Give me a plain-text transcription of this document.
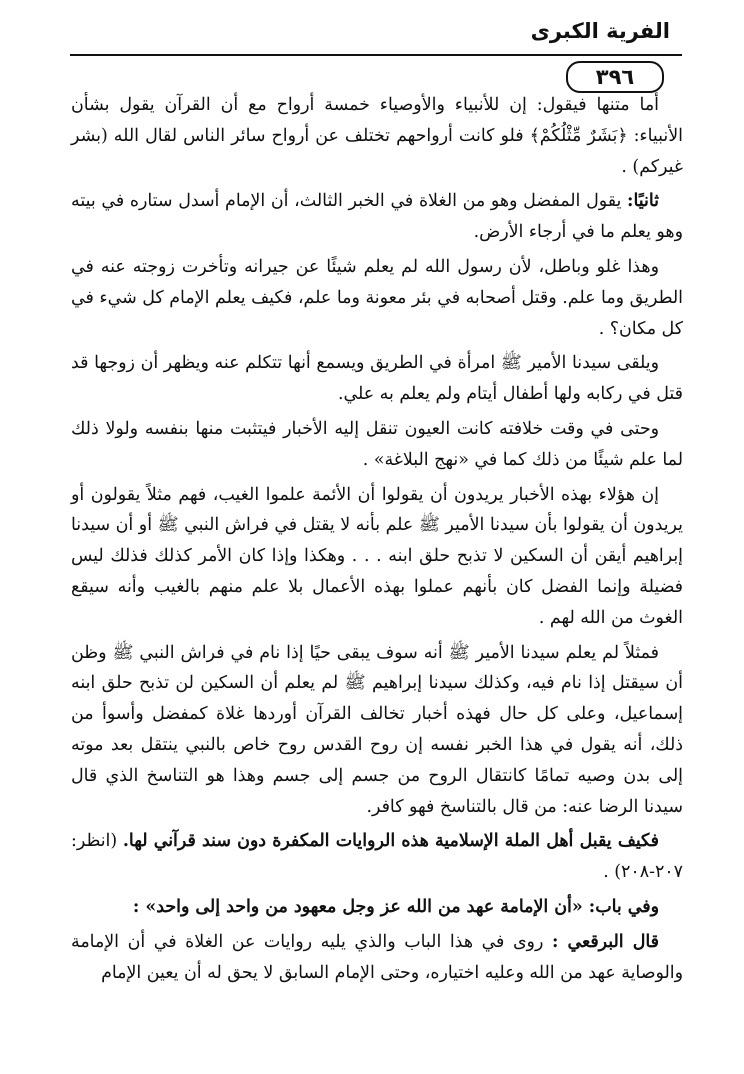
الفرية الكبرى
٣٩٦

أما متنها فيقول: إن للأنبياء والأوصياء خمسة أرواح مع أن القرآن يقول بشأن الأنبياء: ﴿بَشَرٌ مِّثْلُكُمْ﴾ فلو كانت أرواحهم تختلف عن أرواح سائر الناس لقال الله (بشر غيركم) .

ثانيًا: يقول المفضل وهو من الغلاة في الخبر الثالث، أن الإمام أسدل ستاره في بيته وهو يعلم ما في أرجاء الأرض.

وهذا غلو وباطل، لأن رسول الله لم يعلم شيئًا عن جيرانه وتأخرت زوجته عنه في الطريق وما علم. وقتل أصحابه في بئر معونة وما علم، فكيف يعلم الإمام كل شيء في كل مكان؟ .

ويلقى سيدنا الأمير ﷺ امرأة في الطريق ويسمع أنها تتكلم عنه ويظهر أن زوجها قد قتل في ركابه ولها أطفال أيتام ولم يعلم به علي.

وحتى في وقت خلافته كانت العيون تنقل إليه الأخبار فيتثبت منها بنفسه ولولا ذلك لما علم شيئًا من ذلك كما في «نهج البلاغة» .

إن هؤلاء بهذه الأخبار يريدون أن يقولوا أن الأئمة علموا الغيب، فهم مثلاً يقولون أو يريدون أن يقولوا بأن سيدنا الأمير ﷺ علم بأنه لا يقتل في فراش النبي ﷺ أو أن سيدنا إبراهيم أيقن أن السكين لا تذبح حلق ابنه . . . وهكذا وإذا كان الأمر كذلك فذلك ليس فضيلة وإنما الفضل كان بأنهم عملوا بهذه الأعمال بلا علم منهم بالغيب وأنه سيقع الغوث من الله لهم .

فمثلاً لم يعلم سيدنا الأمير ﷺ أنه سوف يبقى حيًا إذا نام في فراش النبي ﷺ وظن أن سيقتل إذا نام فيه، وكذلك سيدنا إبراهيم ﷺ لم يعلم أن السكين لن تذبح حلق ابنه إسماعيل، وعلى كل حال فهذه أخبار تخالف القرآن أوردها غلاة كمفضل وأسوأ من ذلك، أنه يقول في هذا الخبر نفسه إن روح القدس روح خاص بالنبي ينتقل بعد موته إلى بدن وصيه تمامًا كانتقال الروح من جسم إلى جسم وهذا هو التناسخ الذي قال سيدنا الرضا عنه: من قال بالتناسخ فهو كافر.

فكيف يقبل أهل الملة الإسلامية هذه الروايات المكفرة دون سند قرآني لها. (انظر: ٢٠٧-٢٠٨) .

وفي باب: «أن الإمامة عهد من الله عز وجل معهود من واحد إلى واحد» :

قال البرقعي : روى في هذا الباب والذي يليه روايات عن الغلاة في أن الإمامة والوصاية عهد من الله وعليه اختياره، وحتى الإمام السابق لا يحق له أن يعين الإمام
